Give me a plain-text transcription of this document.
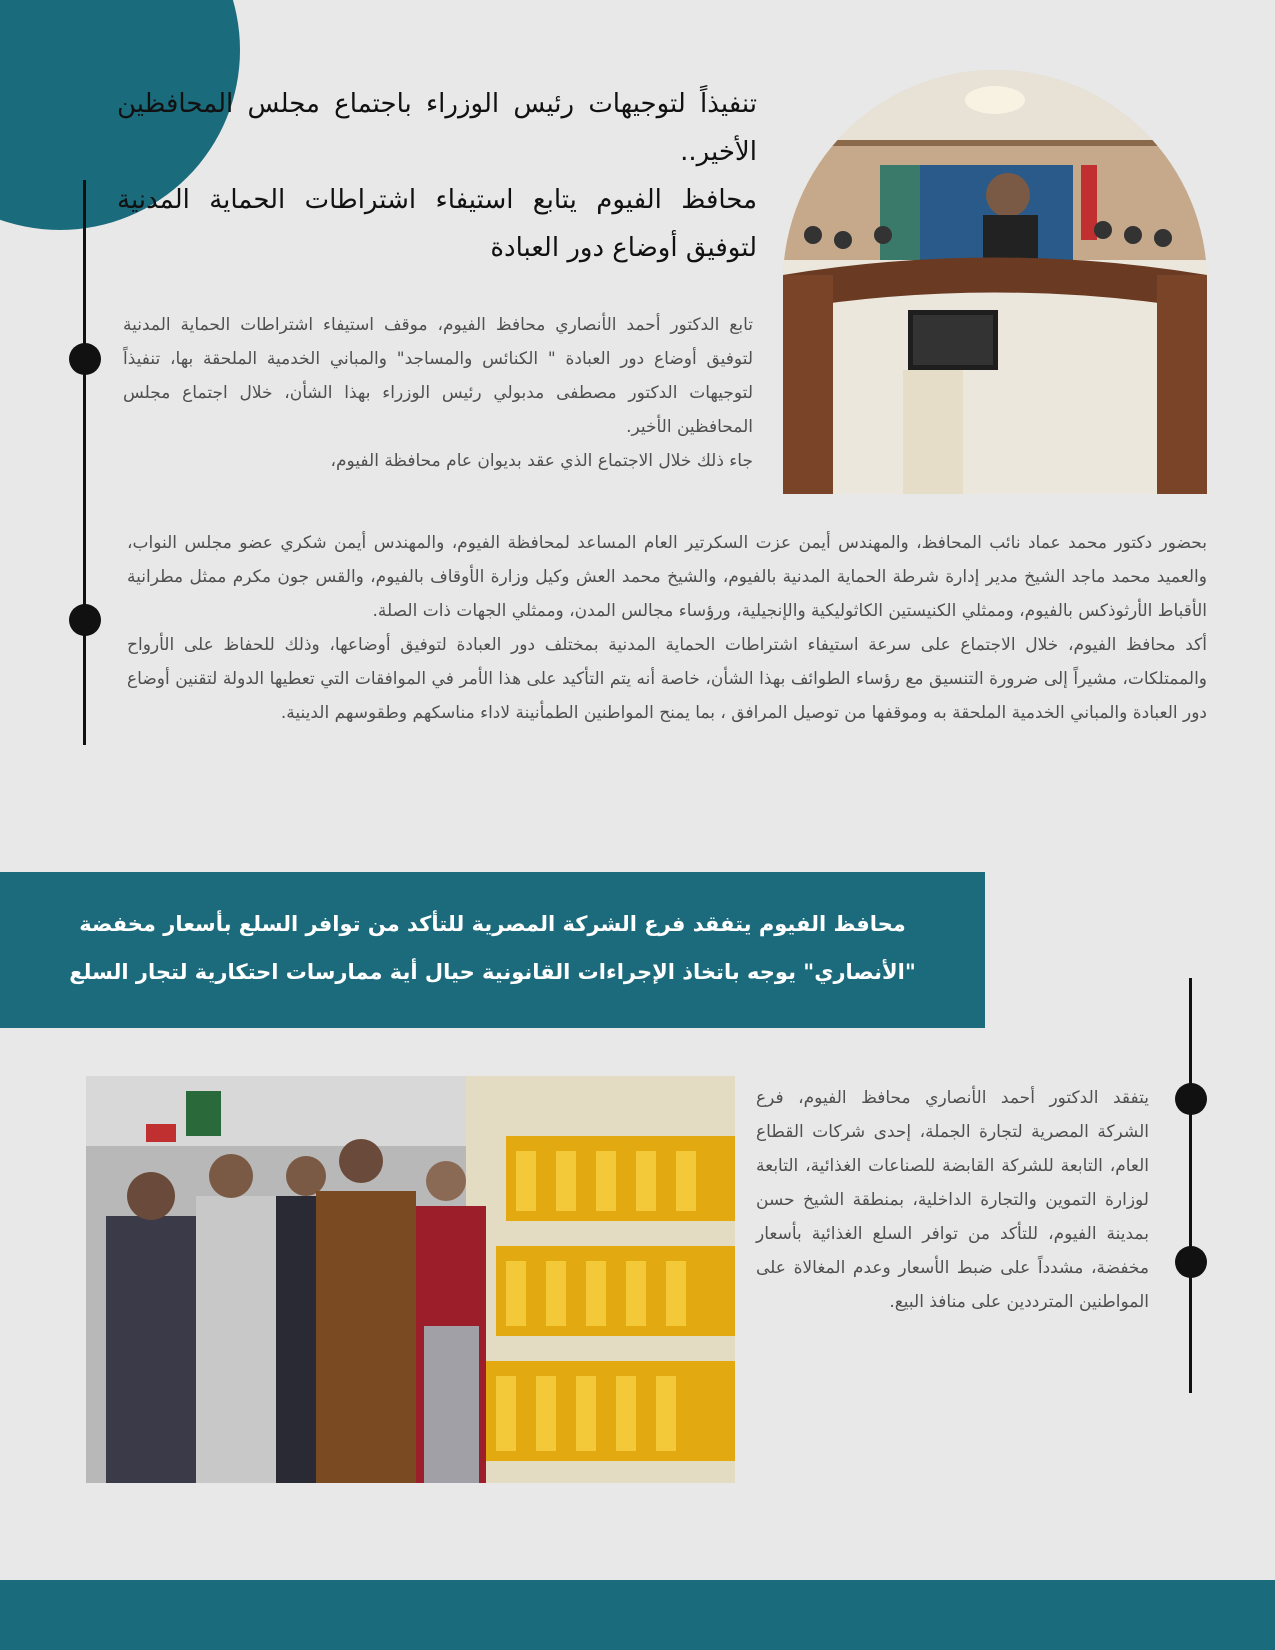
تنفيذاً لتوجيهات رئيس الوزراء باجتماع مجلس المحافظين الأخير..

محافظ الفيوم يتابع استيفاء اشتراطات الحماية المدنية لتوفيق أوضاع دور العبادة

تابع الدكتور أحمد الأنصاري محافظ الفيوم، موقف استيفاء اشتراطات الحماية المدنية لتوفيق أوضاع دور العبادة " الكنائس والمساجد" والمباني الخدمية الملحقة بها، تنفيذاً لتوجيهات الدكتور مصطفى مدبولي رئيس الوزراء بهذا الشأن، خلال اجتماع مجلس المحافظين الأخير.

جاء ذلك خلال الاجتماع الذي عقد بديوان عام محافظة الفيوم،

بحضور دكتور محمد عماد نائب المحافظ، والمهندس أيمن عزت السكرتير العام المساعد لمحافظة الفيوم، والمهندس أيمن شكري عضو مجلس النواب، والعميد محمد ماجد الشيخ مدير إدارة شرطة الحماية المدنية بالفيوم، والشيخ محمد العش وكيل وزارة الأوقاف بالفيوم، والقس جون مكرم ممثل مطرانية الأقباط الأرثوذكس بالفيوم، وممثلي الكنيستين الكاثوليكية والإنجيلية، ورؤساء مجالس المدن، وممثلي الجهات ذات الصلة.

أكد محافظ الفيوم، خلال الاجتماع على سرعة استيفاء اشتراطات الحماية المدنية بمختلف دور العبادة لتوفيق أوضاعها، وذلك للحفاظ على الأرواح والممتلكات، مشيراً إلى ضرورة التنسيق مع رؤساء الطوائف بهذا الشأن، خاصة أنه يتم التأكيد على هذا الأمر في الموافقات التي تعطيها الدولة لتقنين أوضاع دور العبادة والمباني الخدمية الملحقة به وموقفها من توصيل المرافق ، بما يمنح المواطنين الطمأنينة لاداء مناسكهم وطقوسهم الدينية.

محافظ الفيوم يتفقد فرع الشركة المصرية للتأكد من توافر السلع بأسعار مخفضة

"الأنصاري" يوجه باتخاذ الإجراءات القانونية حيال أية ممارسات احتكارية لتجار السلع

يتفقد الدكتور أحمد الأنصاري محافظ الفيوم، فرع الشركة المصرية لتجارة الجملة، إحدى شركات القطاع العام، التابعة للشركة القابضة للصناعات الغذائية، التابعة لوزارة التموين والتجارة الداخلية، بمنطقة الشيخ حسن بمدينة الفيوم، للتأكد من توافر السلع الغذائية بأسعار مخفضة، مشدداً على ضبط الأسعار وعدم المغالاة على المواطنين المترددين على منافذ البيع.
